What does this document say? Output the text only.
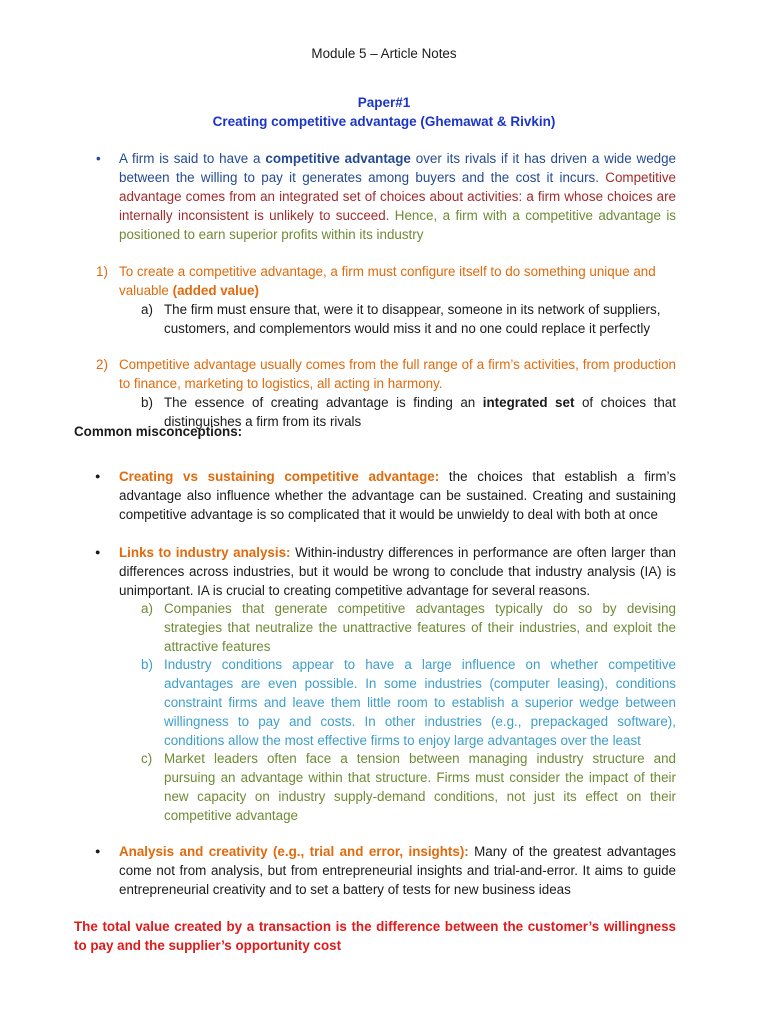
Module 5 – Article Notes
Paper#1
Creating competitive advantage (Ghemawat & Rivkin)
• A firm is said to have a competitive advantage over its rivals if it has driven a wide wedge between the willing to pay it generates among buyers and the cost it incurs. Competitive advantage comes from an integrated set of choices about activities: a firm whose choices are internally inconsistent is unlikely to succeed. Hence, a firm with a competitive advantage is positioned to earn superior profits within its industry
1) To create a competitive advantage, a firm must configure itself to do something unique and valuable (added value)
a) The firm must ensure that, were it to disappear, someone in its network of suppliers, customers, and complementors would miss it and no one could replace it perfectly
2) Competitive advantage usually comes from the full range of a firm’s activities, from production to finance, marketing to logistics, all acting in harmony.
b) The essence of creating advantage is finding an integrated set of choices that distinguishes a firm from its rivals
Common misconceptions:
● Creating vs sustaining competitive advantage: the choices that establish a firm’s advantage also influence whether the advantage can be sustained. Creating and sustaining competitive advantage is so complicated that it would be unwieldy to deal with both at once
● Links to industry analysis: Within-industry differences in performance are often larger than differences across industries, but it would be wrong to conclude that industry analysis (IA) is unimportant. IA is crucial to creating competitive advantage for several reasons.
a) Companies that generate competitive advantages typically do so by devising strategies that neutralize the unattractive features of their industries, and exploit the attractive features
b) Industry conditions appear to have a large influence on whether competitive advantages are even possible. In some industries (computer leasing), conditions constraint firms and leave them little room to establish a superior wedge between willingness to pay and costs. In other industries (e.g., prepackaged software), conditions allow the most effective firms to enjoy large advantages over the least
c) Market leaders often face a tension between managing industry structure and pursuing an advantage within that structure. Firms must consider the impact of their new capacity on industry supply-demand conditions, not just its effect on their competitive advantage
● Analysis and creativity (e.g., trial and error, insights): Many of the greatest advantages come not from analysis, but from entrepreneurial insights and trial-and-error. It aims to guide entrepreneurial creativity and to set a battery of tests for new business ideas
The total value created by a transaction is the difference between the customer’s willingness to pay and the supplier’s opportunity cost
